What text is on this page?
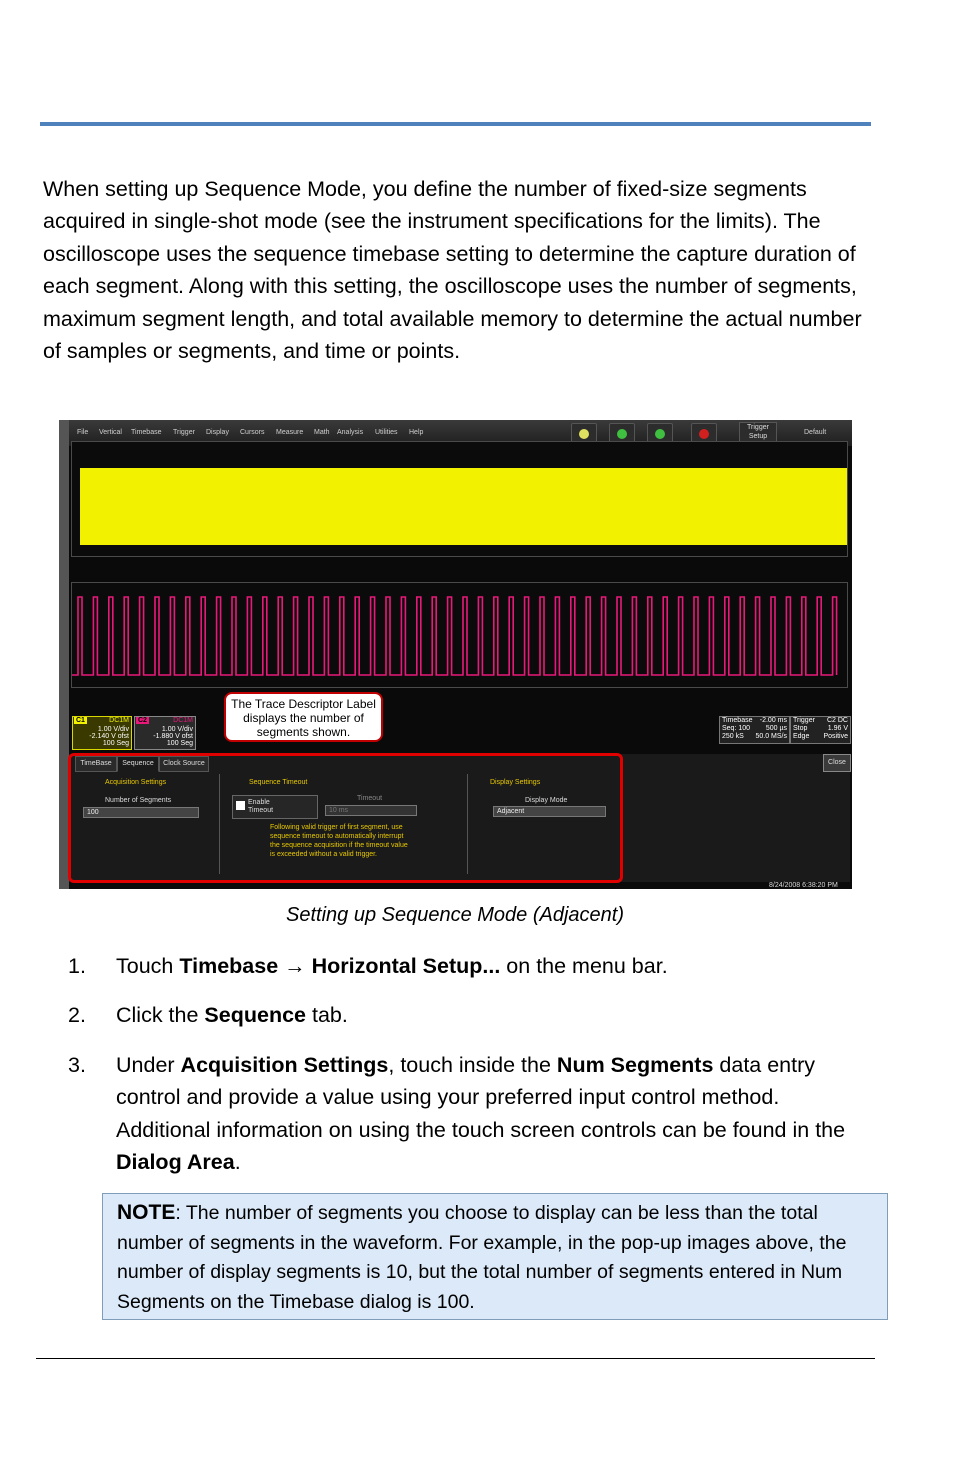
When setting up Sequence Mode, you define the number of fixed-size segments acquired in single-shot mode (see the instrument specifications for the limits). The oscilloscope uses the sequence timebase setting to determine the capture duration of each segment. Along with this setting, the oscilloscope uses the number of segments, maximum segment length, and total available memory to determine the actual number of samples or segments, and time or points.

File Vertical Timebase Trigger Display Cursors Measure Math Analysis Utilities Help
Trigger Setup
Default
C1	DC1M
1.00 V/div
-2.140 V ofst
100 Seg
C2	DC1M
1.00 V/div
-1.880 V ofst
100 Seg
The Trace Descriptor Label displays the number of segments shown.
Timebase -2.00 ms
Seq: 100 500 µs
250 kS 50.0 MS/s
Trigger C2 DC
Stop	1.96 V
Edge Positive
TimeBase	Sequence	Clock Source	Close
Acquisition Settings
Number of Segments
100
Sequence Timeout
Enable Timeout
Timeout
10 ms
Following valid trigger of first segment, use sequence timeout to automatically interrupt the sequence acquisition if the timeout value is exceeded without a valid trigger.
Display Settings
Display Mode
Adjacent
8/24/2008 6:38:20 PM
Setting up Sequence Mode (Adjacent)
1. Touch Timebase → Horizontal Setup... on the menu bar.
2. Click the Sequence tab.
3. Under Acquisition Settings, touch inside the Num Segments data entry control and provide a value using your preferred input control method. Additional information on using the touch screen controls can be found in the Dialog Area.
NOTE: The number of segments you choose to display can be less than the total number of segments in the waveform. For example, in the pop-up images above, the number of display segments is 10, but the total number of segments entered in Num Segments on the Timebase dialog is 100.
